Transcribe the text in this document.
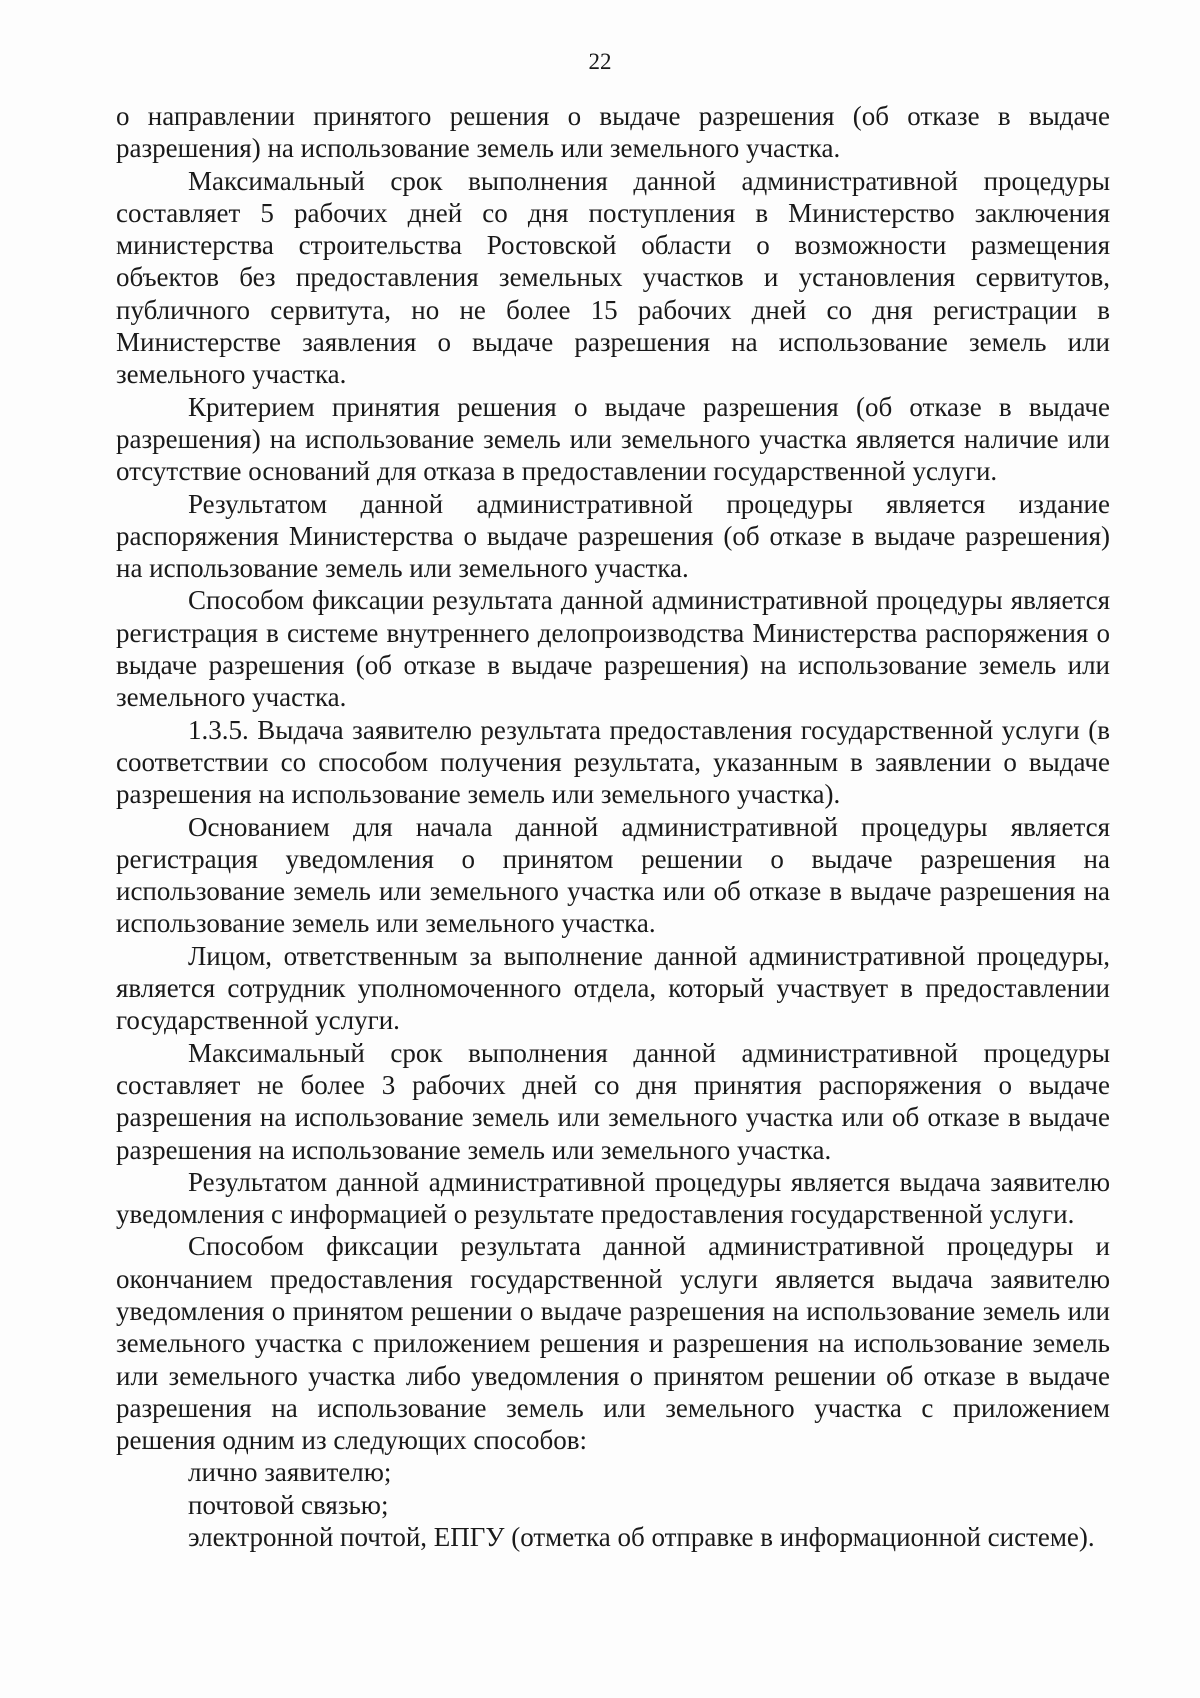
22

о направлении принятого решения о выдаче разрешения (об отказе в выдаче разрешения) на использование земель или земельного участка.

Максимальный срок выполнения данной административной процедуры составляет 5 рабочих дней со дня поступления в Министерство заключения министерства строительства Ростовской области о возможности размещения объектов без предоставления земельных участков и установления сервитутов, публичного сервитута, но не более 15 рабочих дней со дня регистрации в Министерстве заявления о выдаче разрешения на использование земель или земельного участка.

Критерием принятия решения о выдаче разрешения (об отказе в выдаче разрешения) на использование земель или земельного участка является наличие или отсутствие оснований для отказа в предоставлении государственной услуги.

Результатом данной административной процедуры является издание распоряжения Министерства о выдаче разрешения (об отказе в выдаче разрешения) на использование земель или земельного участка.

Способом фиксации результата данной административной процедуры является регистрация в системе внутреннего делопроизводства Министерства распоряжения о выдаче разрешения (об отказе в выдаче разрешения) на использование земель или земельного участка.

1.3.5. Выдача заявителю результата предоставления государственной услуги (в соответствии со способом получения результата, указанным в заявлении о выдаче разрешения на использование земель или земельного участка).

Основанием для начала данной административной процедуры является регистрация уведомления о принятом решении о выдаче разрешения на использование земель или земельного участка или об отказе в выдаче разрешения на использование земель или земельного участка.

Лицом, ответственным за выполнение данной административной процедуры, является сотрудник уполномоченного отдела, который участвует в предоставлении государственной услуги.

Максимальный срок выполнения данной административной процедуры составляет не более 3 рабочих дней со дня принятия распоряжения о выдаче разрешения на использование земель или земельного участка или об отказе в выдаче разрешения на использование земель или земельного участка.

Результатом данной административной процедуры является выдача заявителю уведомления с информацией о результате предоставления государственной услуги.

Способом фиксации результата данной административной процедуры и окончанием предоставления государственной услуги является выдача заявителю уведомления о принятом решении о выдаче разрешения на использование земель или земельного участка с приложением решения и разрешения на использование земель или земельного участка либо уведомления о принятом решении об отказе в выдаче разрешения на использование земель или земельного участка с приложением решения одним из следующих способов:

лично заявителю;

почтовой связью;

электронной почтой, ЕПГУ (отметка об отправке в информационной системе).
